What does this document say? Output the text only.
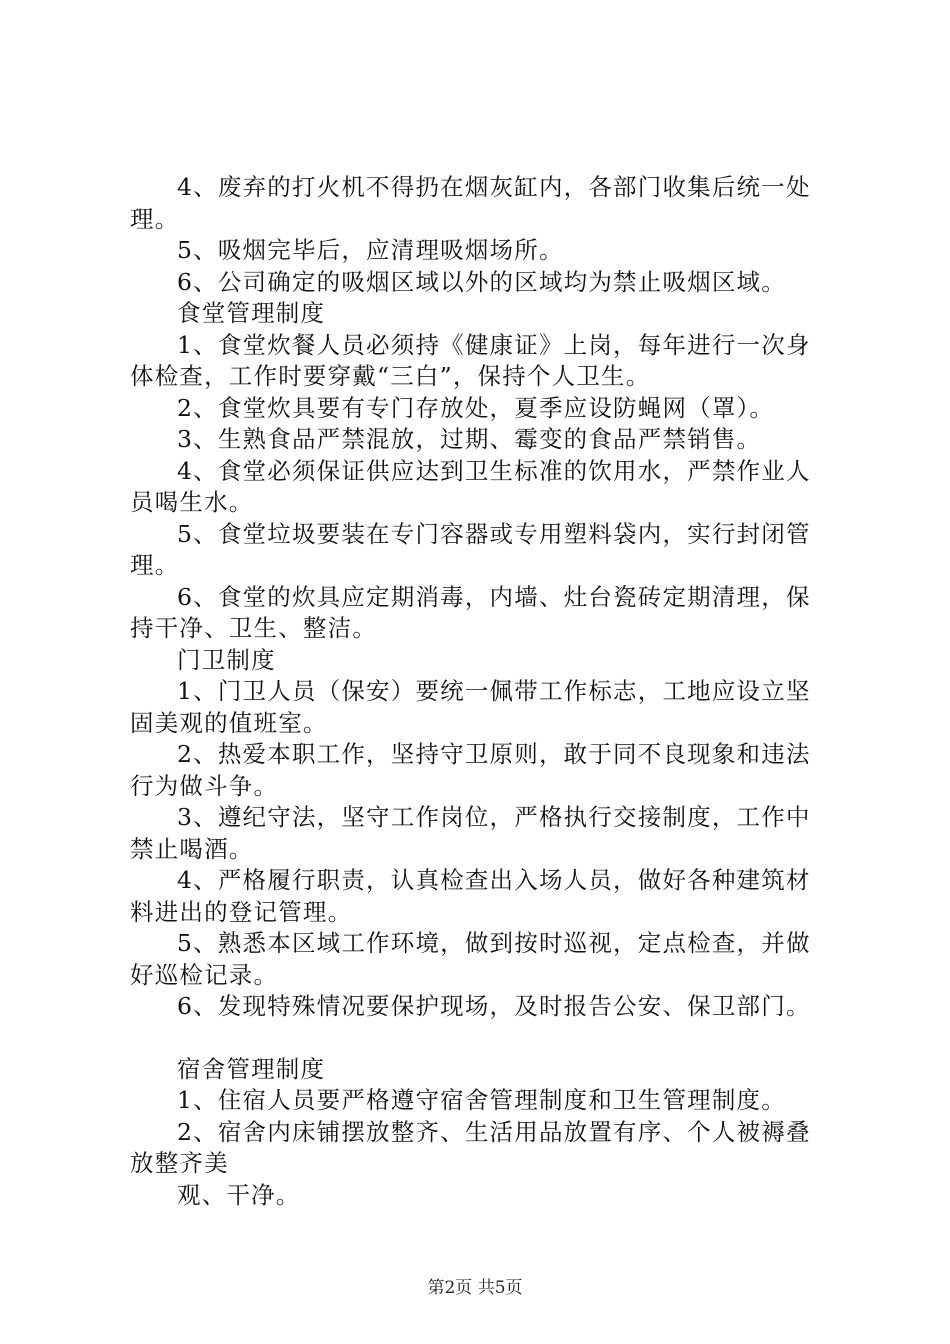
4、废弃的打火机不得扔在烟灰缸内，各部门收集后统一处理。

5、吸烟完毕后，应清理吸烟场所。

6、公司确定的吸烟区域以外的区域均为禁止吸烟区域。

食堂管理制度

1、食堂炊餐人员必须持《健康证》上岗，每年进行一次身体检查，工作时要穿戴“三白”，保持个人卫生。

2、食堂炊具要有专门存放处，夏季应设防蝇网（罩）。

3、生熟食品严禁混放，过期、霉变的食品严禁销售。

4、食堂必须保证供应达到卫生标准的饮用水，严禁作业人员喝生水。

5、食堂垃圾要装在专门容器或专用塑料袋内，实行封闭管理。

6、食堂的炊具应定期消毒，内墙、灶台瓷砖定期清理，保持干净、卫生、整洁。

门卫制度

1、门卫人员（保安）要统一佩带工作标志，工地应设立坚固美观的值班室。

2、热爱本职工作，坚持守卫原则，敢于同不良现象和违法行为做斗争。

3、遵纪守法，坚守工作岗位，严格执行交接制度，工作中禁止喝酒。

4、严格履行职责，认真检查出入场人员，做好各种建筑材料进出的登记管理。

5、熟悉本区域工作环境，做到按时巡视，定点检查，并做好巡检记录。

6、发现特殊情况要保护现场，及时报告公安、保卫部门。

宿舍管理制度

1、住宿人员要严格遵守宿舍管理制度和卫生管理制度。

2、宿舍内床铺摆放整齐、生活用品放置有序、个人被褥叠放整齐美

观、干净。

第2页 共5页
